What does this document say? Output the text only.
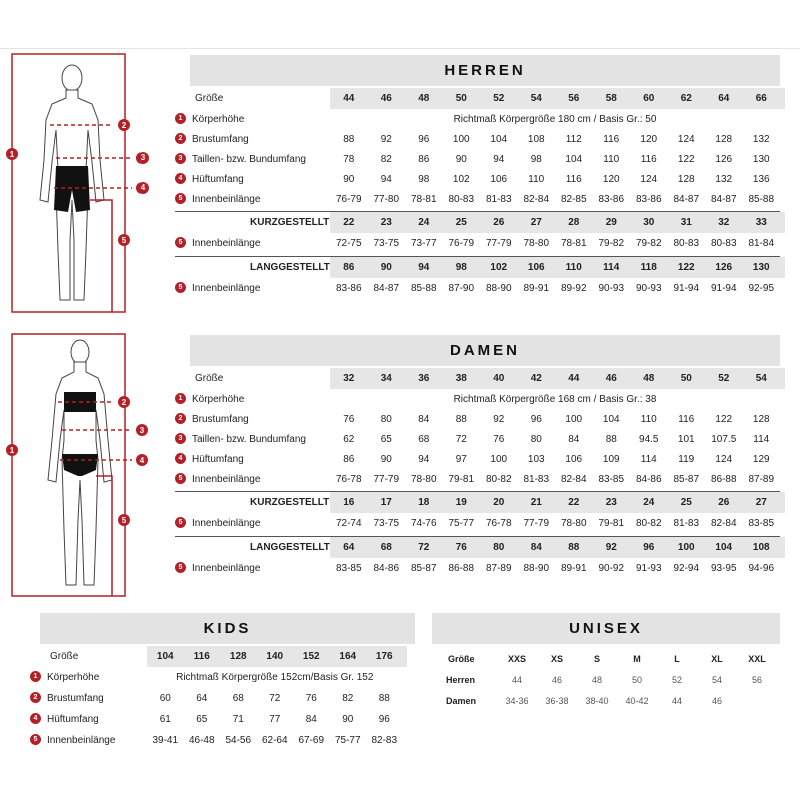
1
2
5
3
4
1
2
3
4
5
HERREN
Größe	44	46	48	50	52	54	56	58	60	62	64	66
1 Körperhöhe	Richtmaß Körpergröße 180 cm / Basis Gr.: 50
2 Brustumfang	88	92	96	100	104	108	112	116	120	124	128	132
3 Taillen- bzw. Bundumfang	78	82	86	90	94	98	104	110	116	122	126	130
4 Hüftumfang	90	94	98	102	106	110	116	120	124	128	132	136
5 Innenbeinlänge	76-79	77-80	78-81	80-83	81-83	82-84	82-85	83-86	83-86	84-87	84-87	85-88
KURZGESTELLT	22	23	24	25	26	27	28	29	30	31	32	33
5 Innenbeinlänge	72-75	73-75	73-77	76-79	77-79	78-80	78-81	79-82	79-82	80-83	80-83	81-84
LANGGESTELLT	86	90	94	98	102	106	110	114	118	122	126	130
5 Innenbeinlänge	83-86	84-87	85-88	87-90	88-90	89-91	89-92	90-93	90-93	91-94	91-94	92-95
DAMEN
Größe	32	34	36	38	40	42	44	46	48	50	52	54
1 Körperhöhe	Richtmaß Körpergröße 168 cm / Basis Gr.: 38
2 Brustumfang	76	80	84	88	92	96	100	104	110	116	122	128
3 Taillen- bzw. Bundumfang	62	65	68	72	76	80	84	88	94.5	101	107.5	114
4 Hüftumfang	86	90	94	97	100	103	106	109	114	119	124	129
5 Innenbeinlänge	76-78	77-79	78-80	79-81	80-82	81-83	82-84	83-85	84-86	85-87	86-88	87-89
KURZGESTELLT	16	17	18	19	20	21	22	23	24	25	26	27
5 Innenbeinlänge	72-74	73-75	74-76	75-77	76-78	77-79	78-80	79-81	80-82	81-83	82-84	83-85
LANGGESTELLT	64	68	72	76	80	84	88	92	96	100	104	108
5 Innenbeinlänge	83-85	84-86	85-87	86-88	87-89	88-90	89-91	90-92	91-93	92-94	93-95	94-96
KIDS
Größe	104	116	128	140	152	164	176
1 Körperhöhe	Richtmaß Körpergröße 152cm/Basis Gr. 152
2 Brustumfang	60	64	68	72	76	82	88
4 Hüftumfang	61	65	71	77	84	90	96
5 Innenbeinlänge	39-41	46-48	54-56	62-64	67-69	75-77	82-83
UNISEX
Größe	XXS	XS	S	M	L	XL	XXL
Herren	44	46	48	50	52	54	56
Damen	34-36	36-38	38-40	40-42	44	46
